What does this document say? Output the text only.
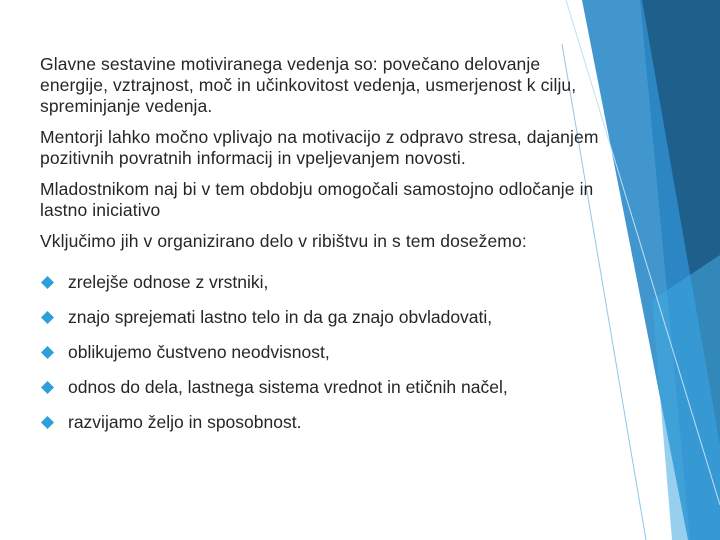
Glavne sestavine motiviranega vedenja so: povečano delovanje energije, vztrajnost, moč in učinkovitost vedenja, usmerjenost k cilju, spreminjanje vedenja.

Mentorji lahko močno vplivajo na motivacijo z odpravo stresa, dajanjem pozitivnih povratnih informacij in vpeljevanjem novosti.

Mladostnikom naj bi v tem obdobju omogočali samostojno odločanje in lastno iniciativo

Vključimo jih v organizirano delo v ribištvu in s tem dosežemo:

zrelejše odnose z vrstniki,
znajo sprejemati lastno telo in da ga znajo obvladovati,
oblikujemo čustveno neodvisnost,
odnos do dela, lastnega sistema vrednot in etičnih načel,
razvijamo željo in sposobnost.
